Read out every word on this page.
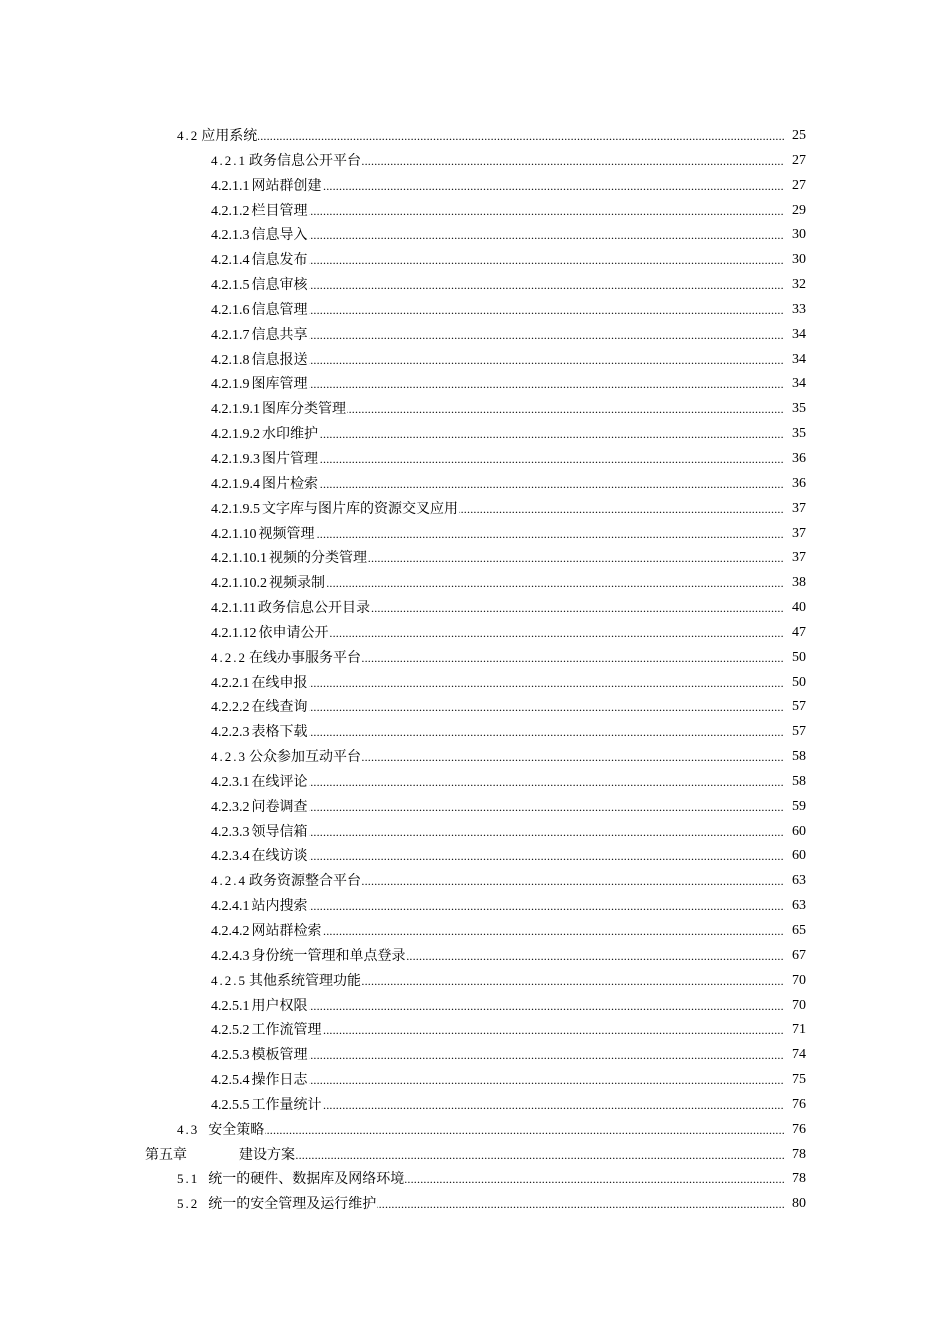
.....
4.2 应用系统	25
.....
4.2.1 政务信息公开平台	27
.....
4.2.1.1 网站群创建	27
.....
4.2.1.2 栏目管理	29
.....
4.2.1.3 信息导入	30
.....
4.2.1.4 信息发布	30
.....
4.2.1.5 信息审核	32
.....
4.2.1.6 信息管理	33
.....
4.2.1.7 信息共享	34
.....
4.2.1.8 信息报送	34
.....
4.2.1.9 图库管理	34
.....
4.2.1.9.1 图库分类管理	35
.....
4.2.1.9.2 水印维护	35
.....
4.2.1.9.3 图片管理	36
.....
4.2.1.9.4 图片检索	36
.....
4.2.1.9.5 文字库与图片库的资源交叉应用	37
.....
4.2.1.10 视频管理	37
.....
4.2.1.10.1 视频的分类管理	37
.....
4.2.1.10.2 视频录制	38
.....
4.2.1.11 政务信息公开目录	40
.....
4.2.1.12 依申请公开	47
.....
4.2.2 在线办事服务平台	50
.....
4.2.2.1 在线申报	50
.....
4.2.2.2 在线查询	57
.....
4.2.2.3 表格下载	57
.....
4.2.3 公众参加互动平台	58
.....
4.2.3.1 在线评论	58
.....
4.2.3.2 问卷调查	59
.....
4.2.3.3 领导信箱	60
.....
4.2.3.4 在线访谈	60
.....
4.2.4 政务资源整合平台	63
.....
4.2.4.1 站内搜索	63
.....
4.2.4.2 网站群检索	65
.....
4.2.4.3 身份统一管理和单点登录	67
.....
4.2.5 其他系统管理功能	70
.....
4.2.5.1 用户权限	70
.....
4.2.5.2 工作流管理	71
.....
4.2.5.3 模板管理	74
.....
4.2.5.4 操作日志	75
.....
4.2.5.5 工作量统计	76
.....
4.3 安全策略	76
.....
第五章	建设方案	78
.....
5.1 统一的硬件、数据库及网络环境	78
.....
5.2 统一的安全管理及运行维护	80
